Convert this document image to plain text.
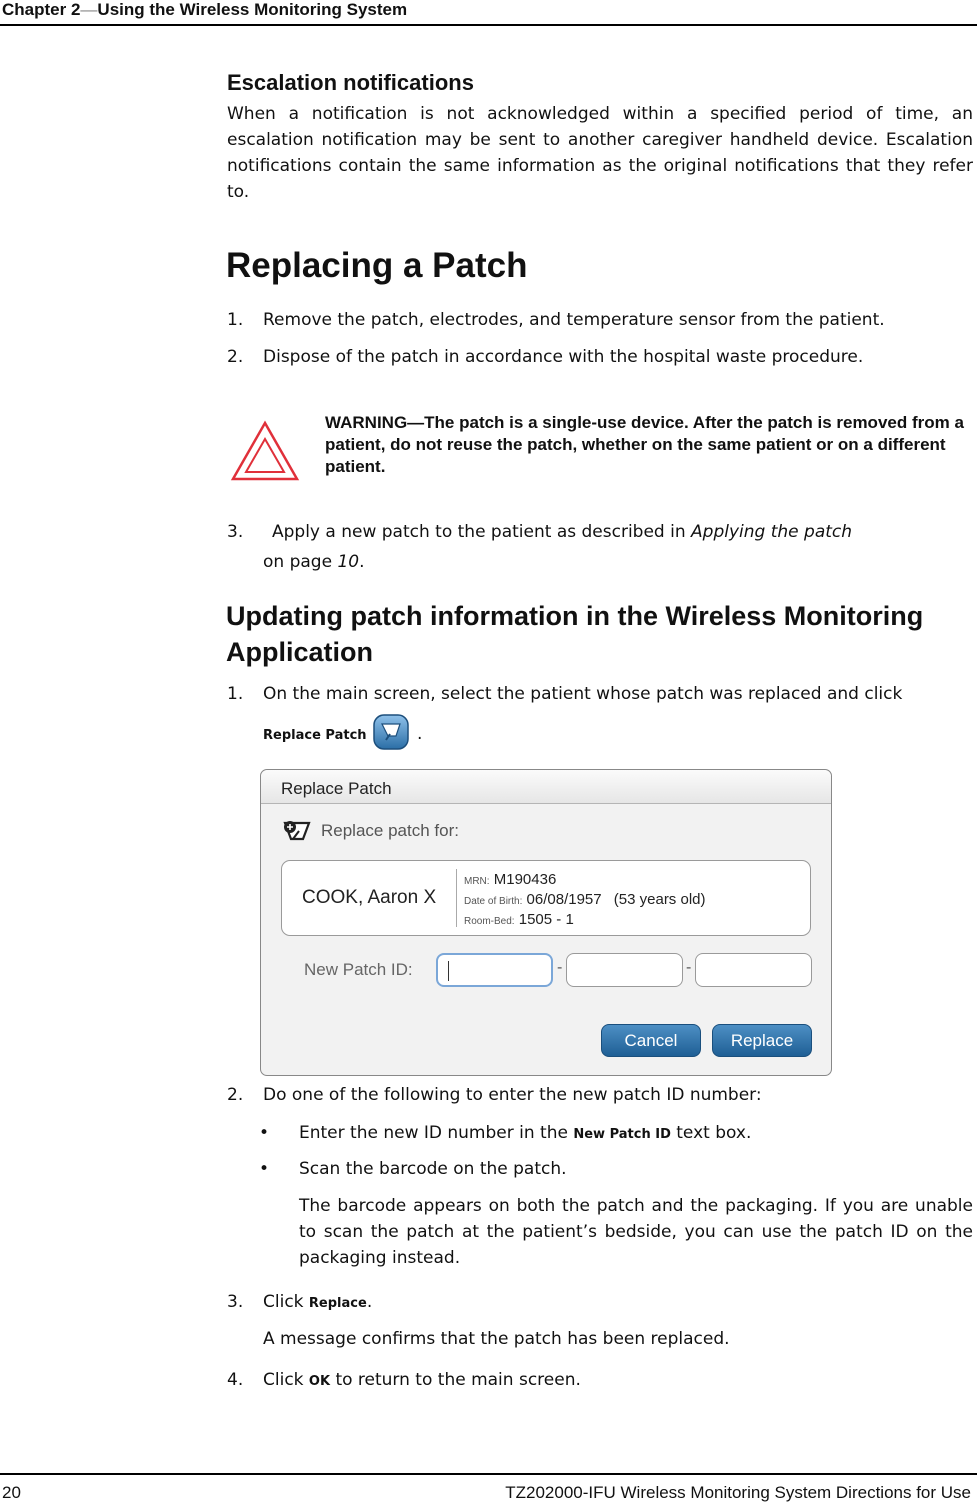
Chapter 2—Using the Wireless Monitoring System
Escalation notifications

When a notification is not acknowledged within a specified period of time, an escalation notification may be sent to another caregiver handheld device. Escalation notifications contain the same information as the original notifications that they refer to.

Replacing a Patch
1. Remove the patch, electrodes, and temperature sensor from the patient.
2. Dispose of the patch in accordance with the hospital waste procedure.
WARNING—The patch is a single-use device. After the patch is removed from a patient, do not reuse the patch, whether on the same patient or on a different patient.
3. Apply a new patch to the patient as described in Applying the patch
on page 10.
Updating patch information in the Wireless Monitoring Application
1. On the main screen, select the patient whose patch was replaced and click
Replace Patch	.
Replace Patch
Replace patch for:
COOK, Aaron X
MRN: M190436
Date of Birth: 06/08/1957 (53 years old)
Room-Bed: 1505 - 1
New Patch ID:	-	-
Cancel	Replace
2. Do one of the following to enter the new patch ID number:
• Enter the new ID number in the New Patch ID text box.
• Scan the barcode on the patch.

The barcode appears on both the patch and the packaging. If you are unable to scan the patch at the patient’s bedside, you can use the patch ID on the packaging instead.

3. Click Replace.
A message confirms that the patch has been replaced.
4. Click OK to return to the main screen.
20	TZ202000-IFU Wireless Monitoring System Directions for Use
